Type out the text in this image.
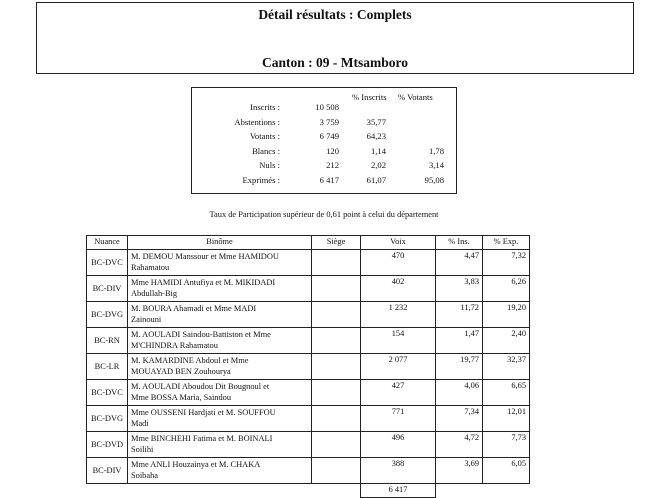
Détail résultats : Complets
Canton : 09 - Mtsamboro
% Inscrits % Votants
Inscrits :	10 508
Abstentions :	3 759	35,77
Votants :	6 749	64,23
Blancs :	120	1,14	1,78
Nuls :	212	2,02	3,14
Exprimés :	6 417	61,07	95,08
Taux de Participation supérieur de 0,61 point à celui du département
Nuance	Binôme	Siège	Voix	% Ins.	% Exp.
BC-DVC	M. DEMOU Manssour et Mme HAMIDOU
Rahamatou		470	4,47	7,32
BC-DIV	Mme HAMIDI Antufiya et M. MIKIDADI
Abdullah-Big		402	3,83	6,26
BC-DVG	M. BOURA Ahamadi et Mme MADI
Zainouni		1 232	11,72	19,20
BC-RN	M. AOULADI Saindou-Battiston et Mme
M'CHINDRA Rahamatou		154	1,47	2,40
BC-LR	M. KAMARDINE Abdoul et Mme
MOUAYAD BEN Zouhourya		2 077	19,77	32,37
BC-DVC	M. AOULADI Aboudou Dit Bougnoul et
Mme BOSSA Maria, Saindou		427	4,06	6,65
BC-DVG	Mme OUSSENI Hardjati et M. SOUFFOU
Madi		771	7,34	12,01
BC-DVD	Mme BINCHEHI Fatima et M. BOINALI
Soilihi		496	4,72	7,73
BC-DIV	Mme ANLI Houzainya et M. CHAKA
Soibaha		388	3,69	6,05
			6 417		
